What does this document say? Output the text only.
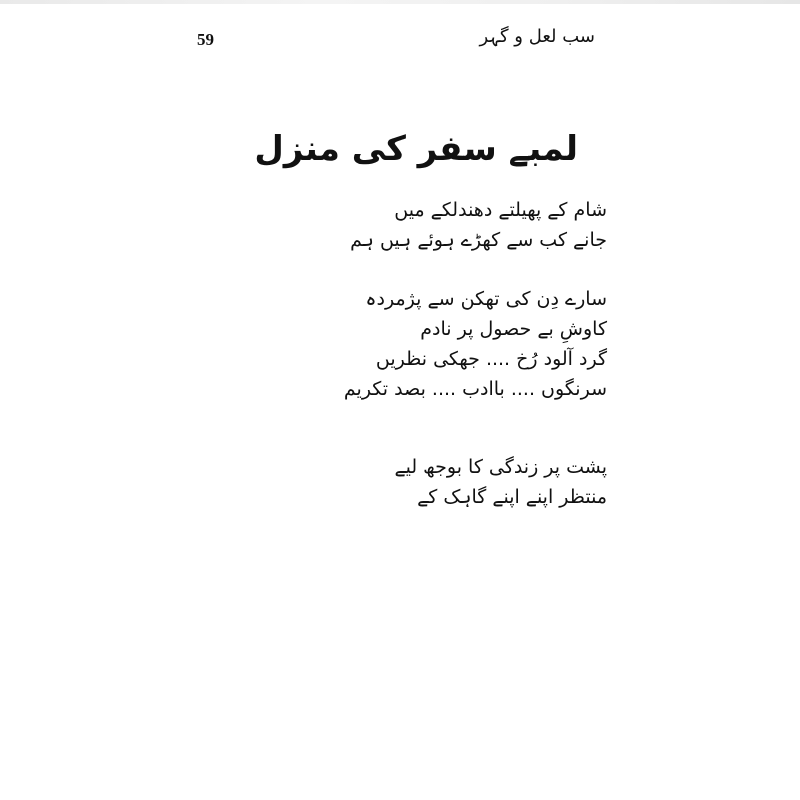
59	سب لعل و گہر
لمبے سفر کی منزل
شام کے پھیلتے دھندلکے میں
جانے کب سے کھڑے ہوئے ہیں ہم
سارے دِن کی تھکن سے پژمردہ
کاوشِ بے حصول پر نادم
گرد آلود رُخ .... جھکی نظریں
سرنگوں .... باادب .... بصد تکریم
پشت پر زندگی کا بوجھ لیے
منتظر اپنے اپنے گاہک کے
